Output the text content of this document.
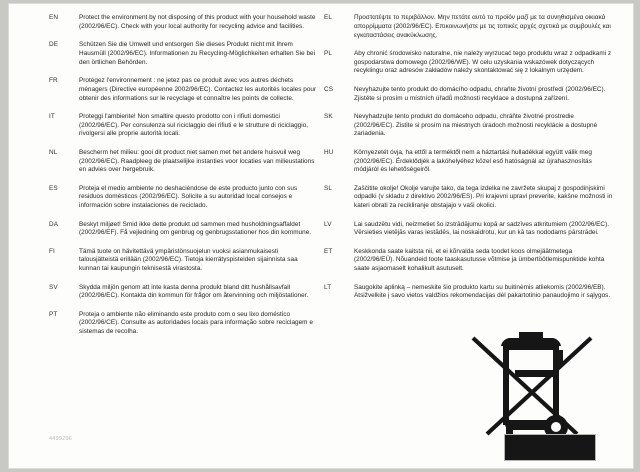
EN	Protect the environment by not disposing of this product with your household waste (2002/96/EC). Check with your local authority for recycling advice and facilities.
DE	Schützen Sie die Umwelt und entsorgen Sie dieses Produkt nicht mit Ihrem Hausmüll (2002/96/EC). Informationen zu Recycling-Möglichkeiten erhalten Sie bei den örtlichen Behörden.
FR	Protégez l'environnement : ne jetez pas ce produit avec vos autres déchets ménagers (Directive européenne 2002/96/EC). Contactez les autorités locales pour obtenir des informations sur le recyclage et connaître les points de collecte.
IT	Proteggi l'ambiente! Non smaltire questo prodotto con i rifiuti domestici (2002/96/EC). Per consulenza sul riciclaggio dei rifiuti e le strutture di riciclaggio, rivolgersi alle proprie autorità locali.
NL	Bescherm het milieu: gooi dit product niet samen met het andere huisvuil weg (2002/96/EC). Raadpleeg de plaatselijke instanties voor locaties van milieustations en advies over hergebruik.
ES	Proteja el medio ambiente no deshaciéndose de este producto junto con sus residuos domésticos (2002/96/EC). Solicite a su autoridad local consejos e información sobre instalaciones de reciclado.
DA	Beskyt miljøet! Smid ikke dette produkt ud sammen med husholdningsaffaldet (2002/96/EF). Få vejledning om genbrug og genbrugsstationer hos din kommune.
FI	Tämä tuote on hävitettävä ympäristönsuojelun vuoksi asianmukaisesti talousjätteistä erillään (2002/96/EC). Tietoja kierrätyspisteiden sijainnista saa kunnan tai kaupungin teknisestä virastosta.
SV	Skydda miljön genom att inte kasta denna produkt bland ditt hushållsavfall (2002/96/EC). Kontakta din kommun för frågor om återvinning och miljöstationer.
PT	Proteja o ambiente não eliminando este produto com o seu lixo doméstico (2002/96/CE). Consulte as autoridades locais para informação sobre reciclagem e sistemas de recolha.
EL	Προστατέψτε το περιβάλλον. Μην πετάτε αυτό το προϊόν μαζί με τα συνηθισμένα οικιακά απορρίμματα (2002/96/EC). Επικοινωνήστε με τις τοπικές αρχές σχετικά με συμβουλές και εγκαταστάσεις ανακύκλωσης.
PL	Aby chronić środowisko naturalne, nie należy wyrzucać tego produktu wraz z odpadkami z gospodarstwa domowego (2002/96/WE). W celu uzyskania wskazówek dotyczących recyklingu oraz adresów zakładów należy skontaktować się z lokalnym urzędem.
CS	Nevyhazujte tento produkt do domácího odpadu, chraňte životní prostředí (2002/96/EC). Zjistěte si prosím u místních úřadů možnosti recyklace a dostupná zařízení.
SK	Nevyhadzujte tento produkt do domáceho odpadu, chráňte životné prostredie (2002/96/EC). Zistite si prosím na miestnych úradoch možnosti recyklácie a dostupné zariadenia.
HU	Környezetét óvja, ha ettől a terméktől nem a háztartási hulladékkal együtt válik meg (2002/96/EC). Érdeklődjék a lakóhelyéhez közel eső hatóságnál az újrahasznosítás módjáról és lehetőségeiről.
SL	Zaščitite okolje! Okolje varujte tako, da tega izdelka ne zavržete skupaj z gospodinjskimi odpadki (v skladu z direktivo 2002/96/ES). Pri krajevni upravi preverite, kakšne možnosti in kateri obrati za recikliranje obstajajo v vaši okolici.
LV	Lai saudzētu vidi, neizmetiet šo izstrādājumu kopā ar sadzīves atkritumiem (2002/96/EC). Vērsieties vietējās varas iestādēs, lai noskaidrotu, kur un kā tas nododams pārstrādei.
ET	Keskkonda saate kaitsta nii, et ei kõrvalda seda toodet koos olmejäätmetega (2002/96/EÜ). Nõuandeid toote taaskasutusse võtmise ja ümbertöötlemispunktide kohta saate asjaomaselt kohalikult asutuselt.
LT	Saugokite aplinką – nemeskite šio produkto kartu su buitinėmis atliekomis (2002/96/EB). Atsižvelkite į savo vietos valdžios rekomendacijas dėl pakartotinio panaudojimo ir sąlygos.
4499296
